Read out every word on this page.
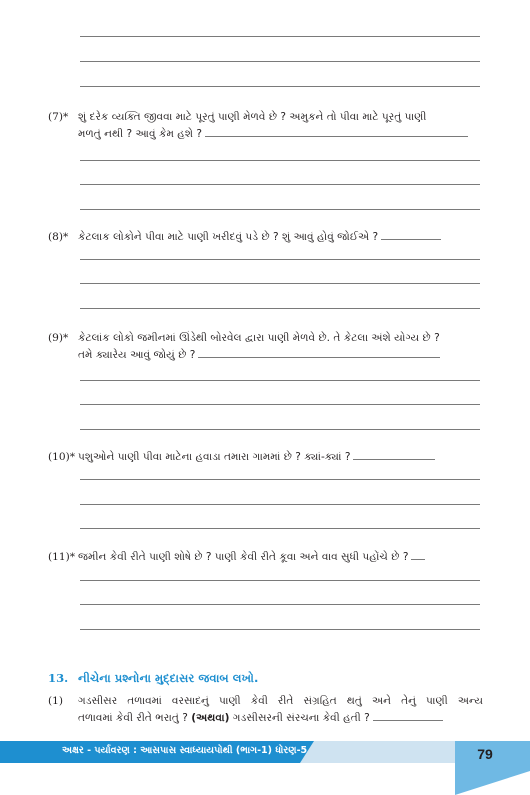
(7)* શું દરેક વ્યક્તિ જીવવા માટે પૂરતું પાણી મેળવે છે ? અમુકને તો પીવા માટે પૂરતું પાણી
મળતું નથી ? આવું કેમ હશે ?
(8)* કેટલાક લોકોને પીવા માટે પાણી ખરીદવું પડે છે ? શું આવું હોવું જોઈએ ?
(9)* કેટલાંક લોકો જમીનમાં ઊંડેથી બોરવેલ દ્વારા પાણી મેળવે છે. તે કેટલા અંશે યોગ્ય છે ?
તમે ક્યારેય આવું જોયું છે ?
(10)* પશુઓને પાણી પીવા માટેના હવાડા તમારા ગામમાં છે ? ક્યાં-ક્યાં ?
(11)* જમીન કેવી રીતે પાણી શોષે છે ? પાણી કેવી રીતે કૂવા અને વાવ સુધી પહોંચે છે ?
13. નીચેના પ્રશ્નોના મુદ્દાસર જવાબ લખો.
(1) ગડસીસર તળાવમાં વરસાદનું પાણી કેવી રીતે સંગ્રહિત થતું અને તેનું પાણી અન્ય
તળાવમાં કેવી રીતે ભરાતું ? (અથવા) ગડસીસરની સંરચના કેવી હતી ?
અક્ષર - પર્યાવરણ : આસપાસ સ્વાધ્યાયપોથી (ભાગ-1) ધોરણ-5	79
